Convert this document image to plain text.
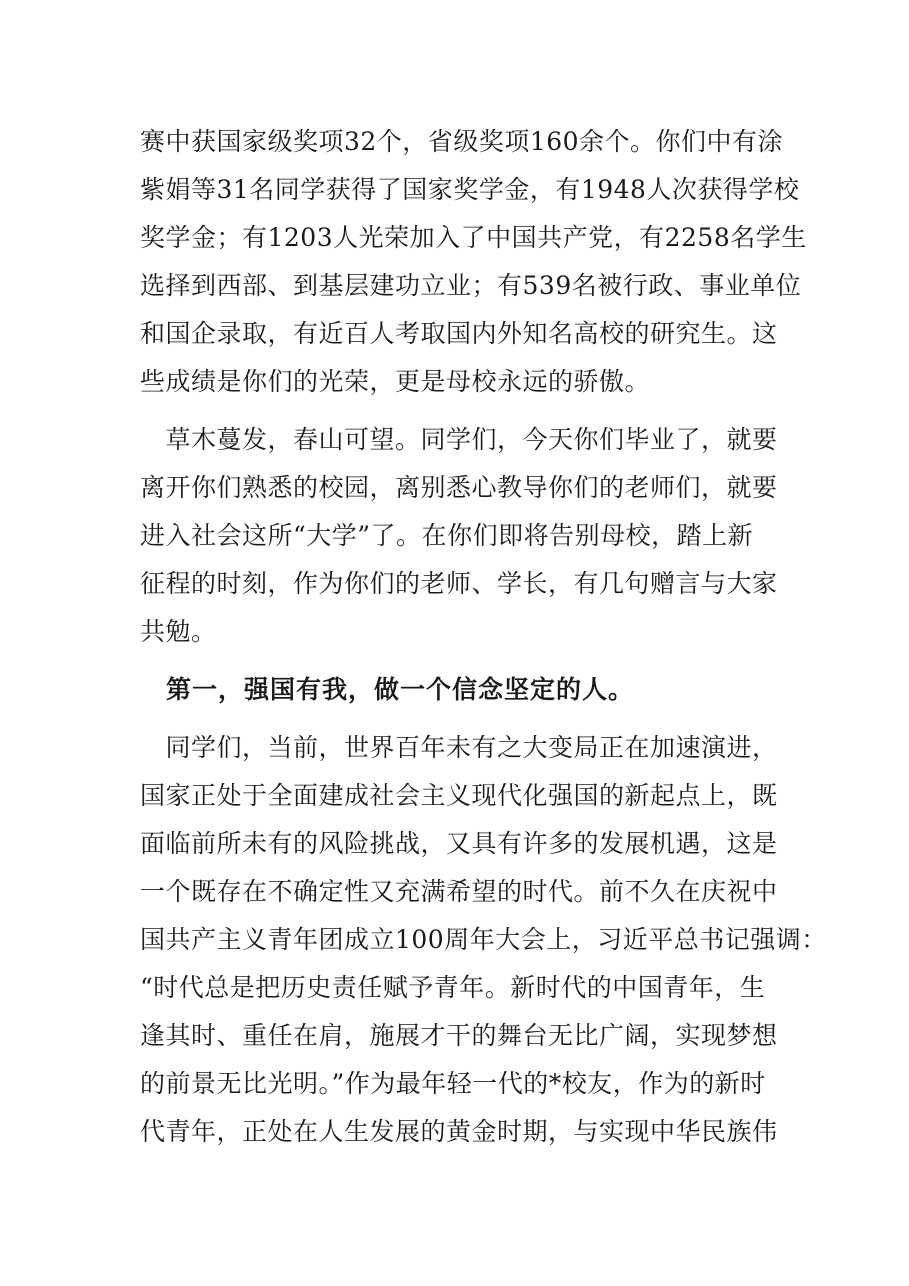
赛中获国家级奖项32个，省级奖项160余个。你们中有涂
紫娟等31名同学获得了国家奖学金，有1948人次获得学校
奖学金；有1203人光荣加入了中国共产党，有2258名学生
选择到西部、到基层建功立业；有539名被行政、事业单位
和国企录取，有近百人考取国内外知名高校的研究生。这
些成绩是你们的光荣，更是母校永远的骄傲。
　草木蔓发，春山可望。同学们，今天你们毕业了，就要
离开你们熟悉的校园，离别悉心教导你们的老师们，就要
进入社会这所“大学”了。在你们即将告别母校，踏上新
征程的时刻，作为你们的老师、学长，有几句赠言与大家
共勉。
　第一，强国有我，做一个信念坚定的人。
　同学们，当前，世界百年未有之大变局正在加速演进，
国家正处于全面建成社会主义现代化强国的新起点上，既
面临前所未有的风险挑战，又具有许多的发展机遇，这是
一个既存在不确定性又充满希望的时代。前不久在庆祝中
国共产主义青年团成立100周年大会上，习近平总书记强调：
“时代总是把历史责任赋予青年。新时代的中国青年，生
逢其时、重任在肩，施展才干的舞台无比广阔，实现梦想
的前景无比光明。”作为最年轻一代的*校友，作为的新时
代青年，正处在人生发展的黄金时期，与实现中华民族伟
